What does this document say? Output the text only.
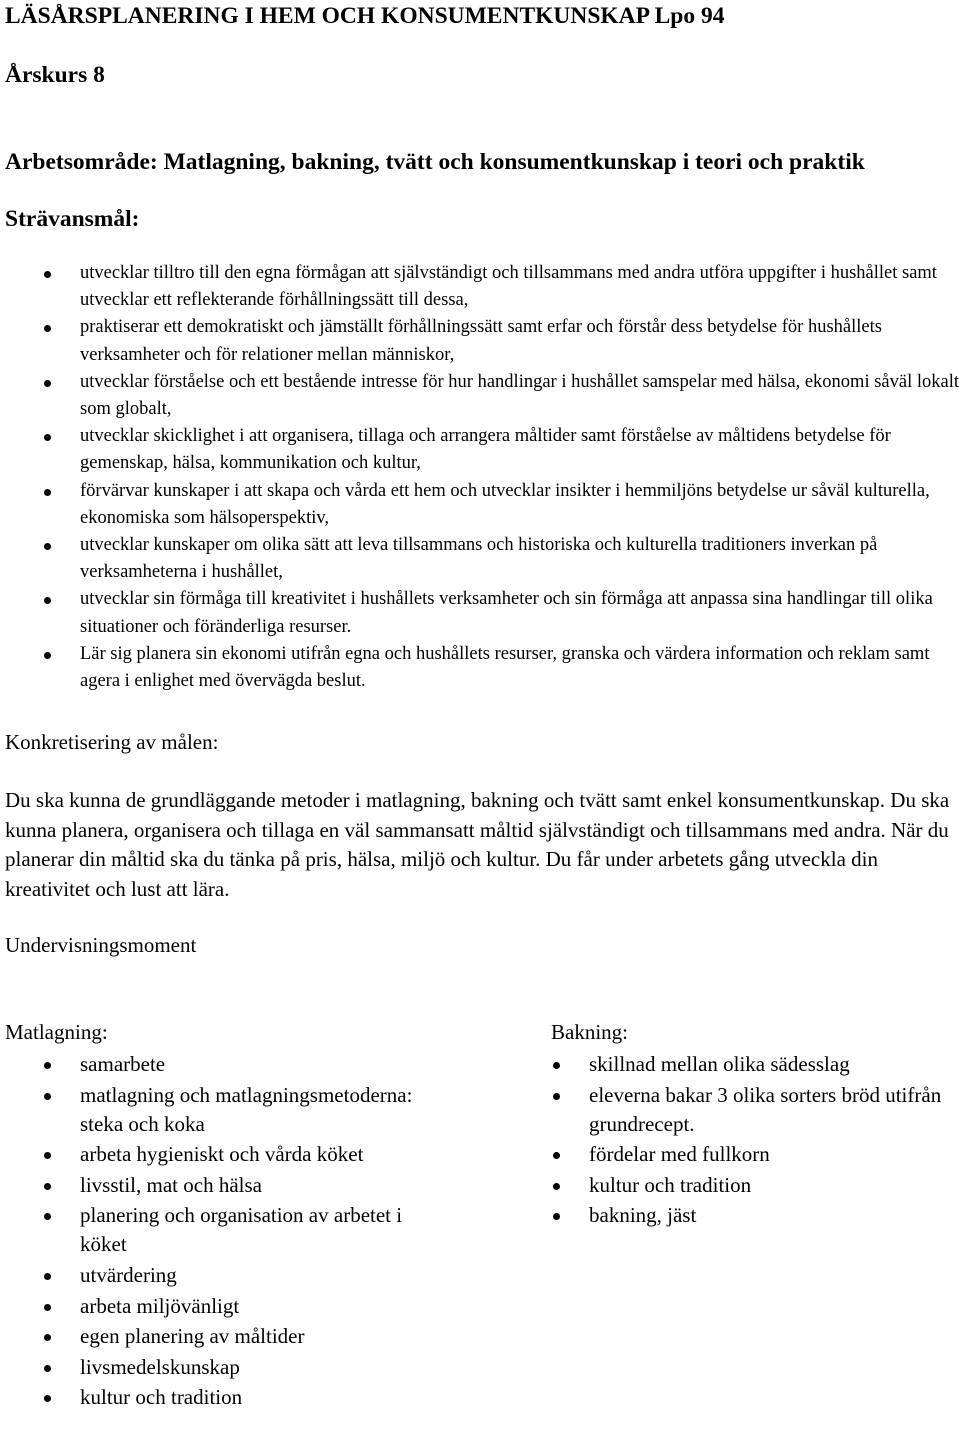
LÄSÅRSPLANERING I HEM OCH KONSUMENTKUNSKAP Lpo 94
Årskurs 8
Arbetsområde: Matlagning, bakning, tvätt och konsumentkunskap i teori och praktik
Strävansmål:
utvecklar tilltro till den egna förmågan att självständigt och tillsammans med andra utföra uppgifter i hushållet samt utvecklar ett reflekterande förhållningssätt till dessa,
praktiserar ett demokratiskt och jämställt förhållningssätt samt erfar och förstår dess betydelse för hushållets verksamheter och för relationer mellan människor,
utvecklar förståelse och ett bestående intresse för hur handlingar i hushållet samspelar med hälsa, ekonomi såväl lokalt som globalt,
utvecklar skicklighet i att organisera, tillaga och arrangera måltider samt förståelse av måltidens betydelse för gemenskap, hälsa, kommunikation och kultur,
förvärvar kunskaper i att skapa och vårda ett hem och utvecklar insikter i hemmiljöns betydelse ur såväl kulturella, ekonomiska som hälsoperspektiv,
utvecklar kunskaper om olika sätt att leva tillsammans och historiska och kulturella traditioners inverkan på verksamheterna i hushållet,
utvecklar sin förmåga till kreativitet i hushållets verksamheter och sin förmåga att anpassa sina handlingar till olika situationer och föränderliga resurser.
Lär sig planera sin ekonomi utifrån egna och hushållets resurser, granska och värdera information och reklam samt agera i enlighet med övervägda beslut.
Konkretisering av målen:

Du ska kunna de grundläggande metoder i matlagning, bakning och tvätt samt enkel konsumentkunskap. Du ska kunna planera, organisera och tillaga en väl sammansatt måltid självständigt och tillsammans med andra. När du planerar din måltid ska du tänka på pris, hälsa, miljö och kultur. Du får under arbetets gång utveckla din kreativitet och lust att lära.

Undervisningsmoment
Matlagning:
samarbete
matlagning och matlagningsmetoderna: steka och koka
arbeta hygieniskt och vårda köket
livsstil, mat och hälsa
planering och organisation av arbetet i köket
utvärdering
arbeta miljövänligt
egen planering av måltider
livsmedelskunskap
kultur och tradition
Bakning:
skillnad mellan olika sädesslag
eleverna bakar 3 olika sorters bröd utifrån grundrecept.
fördelar med fullkorn
kultur och tradition
bakning, jäst
